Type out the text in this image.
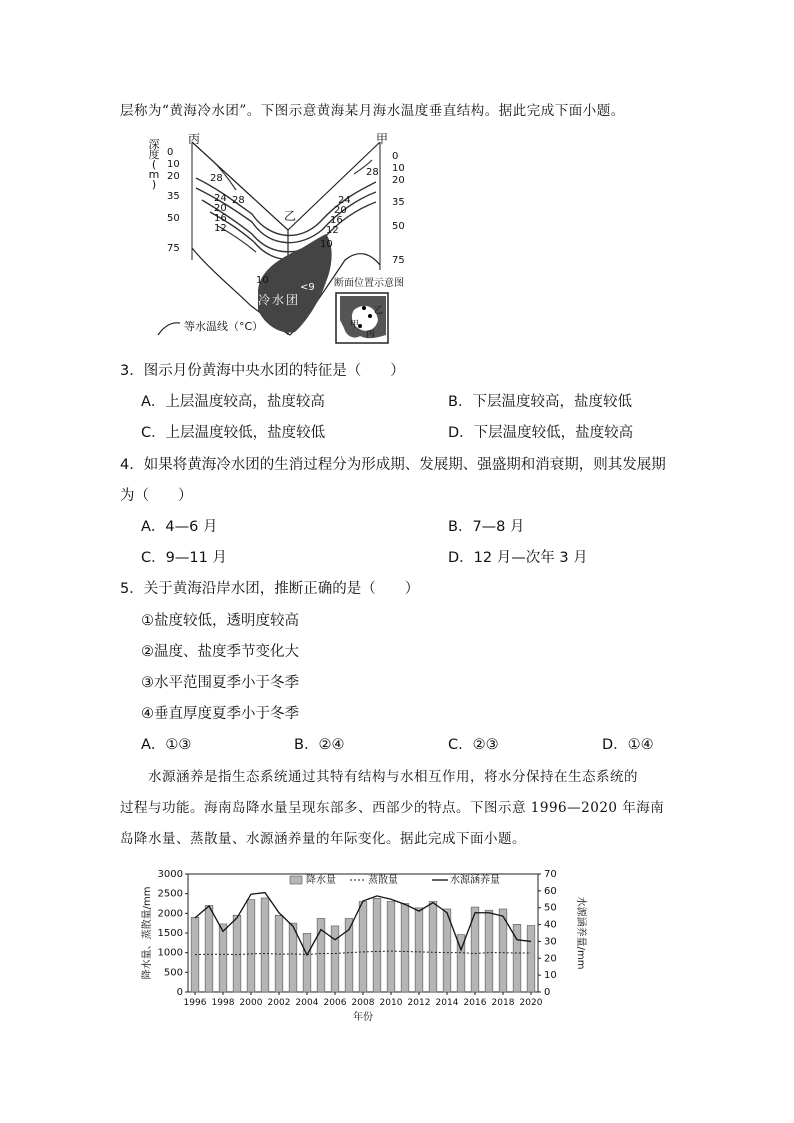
层称为“黄海冷水团”。下图示意黄海某月海水温度垂直结构。据此完成下面小题。
丙	甲
乙
深
度
(
m
)
0
10
20
35
50
75
0
10
20
35
50
75
28
24 28
20
16
12
10
28
24
20
16
12
10
冷水团
<9 断面位置示意图
乙
甲
丙
等水温线（°C）
3．图示月份黄海中央水团的特征是（　　）
A．上层温度较高，盐度较高	B．下层温度较高，盐度较低
C．上层温度较低，盐度较低	D．下层温度较低，盐度较高
4．如果将黄海冷水团的生消过程分为形成期、发展期、强盛期和消衰期，则其发展期
为（　　）
A．4—6 月	B．7—8 月
C．9—11 月	D．12 月—次年 3 月
5．关于黄海沿岸水团，推断正确的是（　　）
①盐度较低，透明度较高
②温度、盐度季节变化大
③水平范围夏季小于冬季
④垂直厚度夏季小于冬季
A．①③	B．②④	C．②③	D．①④
水源涵养是指生态系统通过其特有结构与水相互作用，将水分保持在生态系统的
过程与功能。海南岛降水量呈现东部多、西部少的特点。下图示意 1996—2020 年海南
岛降水量、蒸散量、水源涵养量的年际变化。据此完成下面小题。
0
500
1000
1500
2000
2500
3000
0
10
20
30
40
50
60
70
1996 1998 2000 2002 2004 2006 2008 2010 2012 2014 2016 2018 2020
年份
降水量、蒸散量/mm	水源涵养量/mm
降水量	蒸散量	水源涵养量
